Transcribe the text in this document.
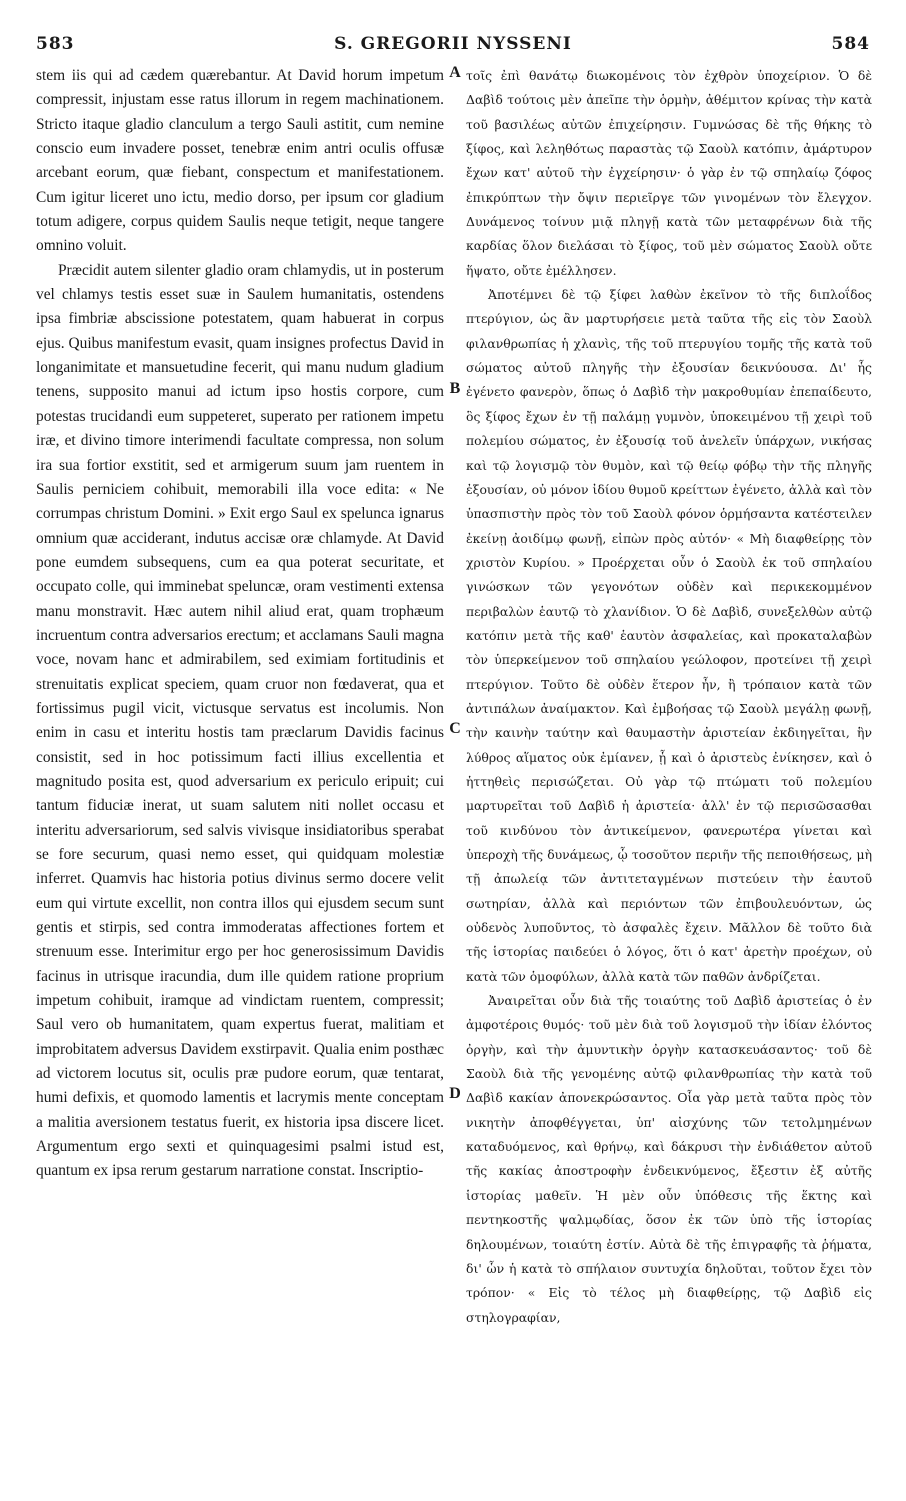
583	S. GREGORII NYSSENI	584

stem iis qui ad cædem quærebantur. At David horum impetum compressit, injustam esse ratus illorum in regem machinationem. Stricto itaque gladio clanculum a tergo Sauli astitit, cum nemine conscio eum invadere posset, tenebræ enim antri oculis offusæ arcebant eorum, quæ fiebant, conspectum et manifestationem. Cum igitur liceret uno ictu, medio dorso, per ipsum cor gladium totum adigere, corpus quidem Saulis neque tetigit, neque tangere omnino voluit.

Præcidit autem silenter gladio oram chlamydis, ut in posterum vel chlamys testis esset suæ in Saulem humanitatis, ostendens ipsa fimbriæ abscissione potestatem, quam habuerat in corpus ejus. Quibus manifestum evasit, quam insignes profectus David in longanimitate et mansuetudine fecerit, qui manu nudum gladium tenens, supposito manui ad ictum ipso hostis corpore, cum potestas trucidandi eum suppeteret, superato per rationem impetu iræ, et divino timore interimendi facultate compressa, non solum ira sua fortior exstitit, sed et armigerum suum jam ruentem in Saulis perniciem cohibuit, memorabili illa voce edita: « Ne corrumpas christum Domini. » Exit ergo Saul ex spelunca ignarus omnium quæ acciderant, indutus accisæ oræ chlamyde. At David pone eumdem subsequens, cum ea qua poterat securitate, et occupato colle, qui imminebat speluncæ, oram vestimenti extensa manu monstravit. Hæc autem nihil aliud erat, quam trophæum incruentum contra adversarios erectum; et acclamans Sauli magna voce, novam hanc et admirabilem, sed eximiam fortitudinis et strenuitatis explicat speciem, quam cruor non fœdaverat, qua et fortissimus pugil vicit, victusque servatus est incolumis. Non enim in casu et interitu hostis tam præclarum Davidis facinus consistit, sed in hoc potissimum facti illius excellentia et magnitudo posita est, quod adversarium ex periculo eripuit; cui tantum fiduciæ inerat, ut suam salutem niti nollet occasu et interitu adversariorum, sed salvis vivisque insidiatoribus sperabat se fore securum, quasi nemo esset, qui quidquam molestiæ inferret. Quamvis hac historia potius divinus sermo docere velit eum qui virtute excellit, non contra illos qui ejusdem secum sunt gentis et stirpis, sed contra immoderatas affectiones fortem et strenuum esse. Interimitur ergo per hoc generosissimum Davidis facinus in utrisque iracundia, dum ille quidem ratione proprium impetum cohibuit, iramque ad vindictam ruentem, compressit; Saul vero ob humanitatem, quam expertus fuerat, malitiam et improbitatem adversus Davidem exstirpavit. Qualia enim posthæc ad victorem locutus sit, oculis præ pudore eorum, quæ tentarat, humi defixis, et quomodo lamentis et lacrymis mente conceptam a malitia aversionem testatus fuerit, ex historia ipsa discere licet. Argumentum ergo sexti et quinquagesimi psalmi istud est, quantum ex ipsa rerum gestarum narratione constat. Inscriptio-

A
B
C
D

τοῖς ἐπὶ θανάτῳ διωκομένοις τὸν ἐχθρὸν ὑποχείριον. Ὁ δὲ Δαβὶδ τούτοις μὲν ἀπεῖπε τὴν ὁρμὴν, ἀθέμιτον κρίνας τὴν κατὰ τοῦ βασιλέως αὐτῶν ἐπιχείρησιν. Γυμνώσας δὲ τῆς θήκης τὸ ξίφος, καὶ λεληθότως παραστὰς τῷ Σαοὺλ κατόπιν, ἀμάρτυρον ἔχων κατ' αὐτοῦ τὴν ἐγχείρησιν· ὁ γὰρ ἐν τῷ σπηλαίῳ ζόφος ἐπικρύπτων τὴν ὄψιν περιεῖργε τῶν γινομένων τὸν ἔλεγχον. Δυνάμενος τοίνυν μιᾷ πληγῇ κατὰ τῶν μεταφρένων διὰ τῆς καρδίας ὅλον διελάσαι τὸ ξίφος, τοῦ μὲν σώματος Σαοὺλ οὔτε ἥψατο, οὔτε ἐμέλλησεν.

Ἀποτέμνει δὲ τῷ ξίφει λαθὼν ἐκεῖνον τὸ τῆς διπλοΐδος πτερύγιον, ὡς ἂν μαρτυρήσειε μετὰ ταῦτα τῆς εἰς τὸν Σαοὺλ φιλανθρωπίας ἡ χλανὶς, τῆς τοῦ πτερυγίου τομῆς τῆς κατὰ τοῦ σώματος αὐτοῦ πληγῆς τὴν ἐξουσίαν δεικνύουσα. Δι' ἧς ἐγένετο φανερὸν, ὅπως ὁ Δαβὶδ τὴν μακροθυμίαν ἐπεπαίδευτο, ὃς ξίφος ἔχων ἐν τῇ παλάμῃ γυμνὸν, ὑποκειμένου τῇ χειρὶ τοῦ πολεμίου σώματος, ἐν ἐξουσίᾳ τοῦ ἀνελεῖν ὑπάρχων, νικήσας καὶ τῷ λογισμῷ τὸν θυμὸν, καὶ τῷ θείῳ φόβῳ τὴν τῆς πληγῆς ἐξουσίαν, οὐ μόνον ἰδίου θυμοῦ κρείττων ἐγένετο, ἀλλὰ καὶ τὸν ὑπασπιστὴν πρὸς τὸν τοῦ Σαοὺλ φόνον ὁρμήσαντα κατέστειλεν ἐκείνῃ ἀοιδίμῳ φωνῇ, εἰπὼν πρὸς αὐτόν· « Μὴ διαφθείρῃς τὸν χριστὸν Κυρίου. » Προέρχεται οὖν ὁ Σαοὺλ ἐκ τοῦ σπηλαίου γινώσκων τῶν γεγονότων οὐδὲν καὶ περικεκομμένον περιβαλὼν ἑαυτῷ τὸ χλανίδιον. Ὁ δὲ Δαβὶδ, συνεξελθὼν αὐτῷ κατόπιν μετὰ τῆς καθ' ἑαυτὸν ἀσφαλείας, καὶ προκαταλαβὼν τὸν ὑπερκείμενον τοῦ σπηλαίου γεώλοφον, προτείνει τῇ χειρὶ πτερύγιον. Τοῦτο δὲ οὐδὲν ἕτερον ἦν, ἢ τρόπαιον κατὰ τῶν ἀντιπάλων ἀναίμακτον. Καὶ ἐμβοήσας τῷ Σαοὺλ μεγάλῃ φωνῇ, τὴν καινὴν ταύτην καὶ θαυμαστὴν ἀριστείαν ἐκδιηγεῖται, ἣν λύθρος αἵματος οὐκ ἐμίανεν, ᾗ καὶ ὁ ἀριστεὺς ἐνίκησεν, καὶ ὁ ἡττηθεὶς περισώζεται. Οὐ γὰρ τῷ πτώματι τοῦ πολεμίου μαρτυρεῖται τοῦ Δαβὶδ ἡ ἀριστεία· ἀλλ' ἐν τῷ περισῶσασθαι τοῦ κινδύνου τὸν ἀντικείμενον, φανερωτέρα γίνεται καὶ ὑπεροχὴ τῆς δυνάμεως, ᾧ τοσοῦτον περιῆν τῆς πεποιθήσεως, μὴ τῇ ἀπωλείᾳ τῶν ἀντιτεταγμένων πιστεύειν τὴν ἑαυτοῦ σωτηρίαν, ἀλλὰ καὶ περιόντων τῶν ἐπιβουλευόντων, ὡς οὐδενὸς λυποῦντος, τὸ ἀσφαλὲς ἔχειν. Μᾶλλον δὲ τοῦτο διὰ τῆς ἱστορίας παιδεύει ὁ λόγος, ὅτι ὁ κατ' ἀρετὴν προέχων, οὐ κατὰ τῶν ὁμοφύλων, ἀλλὰ κατὰ τῶν παθῶν ἀνδρίζεται.

Ἀναιρεῖται οὖν διὰ τῆς τοιαύτης τοῦ Δαβὶδ ἀριστείας ὁ ἐν ἀμφοτέροις θυμός· τοῦ μὲν διὰ τοῦ λογισμοῦ τὴν ἰδίαν ἑλόντος ὀργὴν, καὶ τὴν ἀμυντικὴν ὀργὴν κατασκευάσαντος· τοῦ δὲ Σαοὺλ διὰ τῆς γενομένης αὐτῷ φιλανθρωπίας τὴν κατὰ τοῦ Δαβὶδ κακίαν ἀπονεκρώσαντος. Οἷα γὰρ μετὰ ταῦτα πρὸς τὸν νικητὴν ἀποφθέγγεται, ὑπ' αἰσχύνης τῶν τετολμημένων καταδυόμενος, καὶ θρήνῳ, καὶ δάκρυσι τὴν ἐνδιάθετον αὐτοῦ τῆς κακίας ἀποστροφὴν ἐνδεικνύμενος, ἔξεστιν ἐξ αὐτῆς ἱστορίας μαθεῖν. Ἡ μὲν οὖν ὑπόθεσις τῆς ἕκτης καὶ πεντηκοστῆς ψαλμῳδίας, ὅσον ἐκ τῶν ὑπὸ τῆς ἱστορίας δηλουμένων, τοιαύτη ἐστίν. Αὐτὰ δὲ τῆς ἐπιγραφῆς τὰ ῥήματα, δι' ὧν ἡ κατὰ τὸ σπήλαιον συντυχία δηλοῦται, τοῦτον ἔχει τὸν τρόπον· « Εἰς τὸ τέλος μὴ διαφθείρῃς, τῷ Δαβὶδ εἰς στηλογραφίαν,
